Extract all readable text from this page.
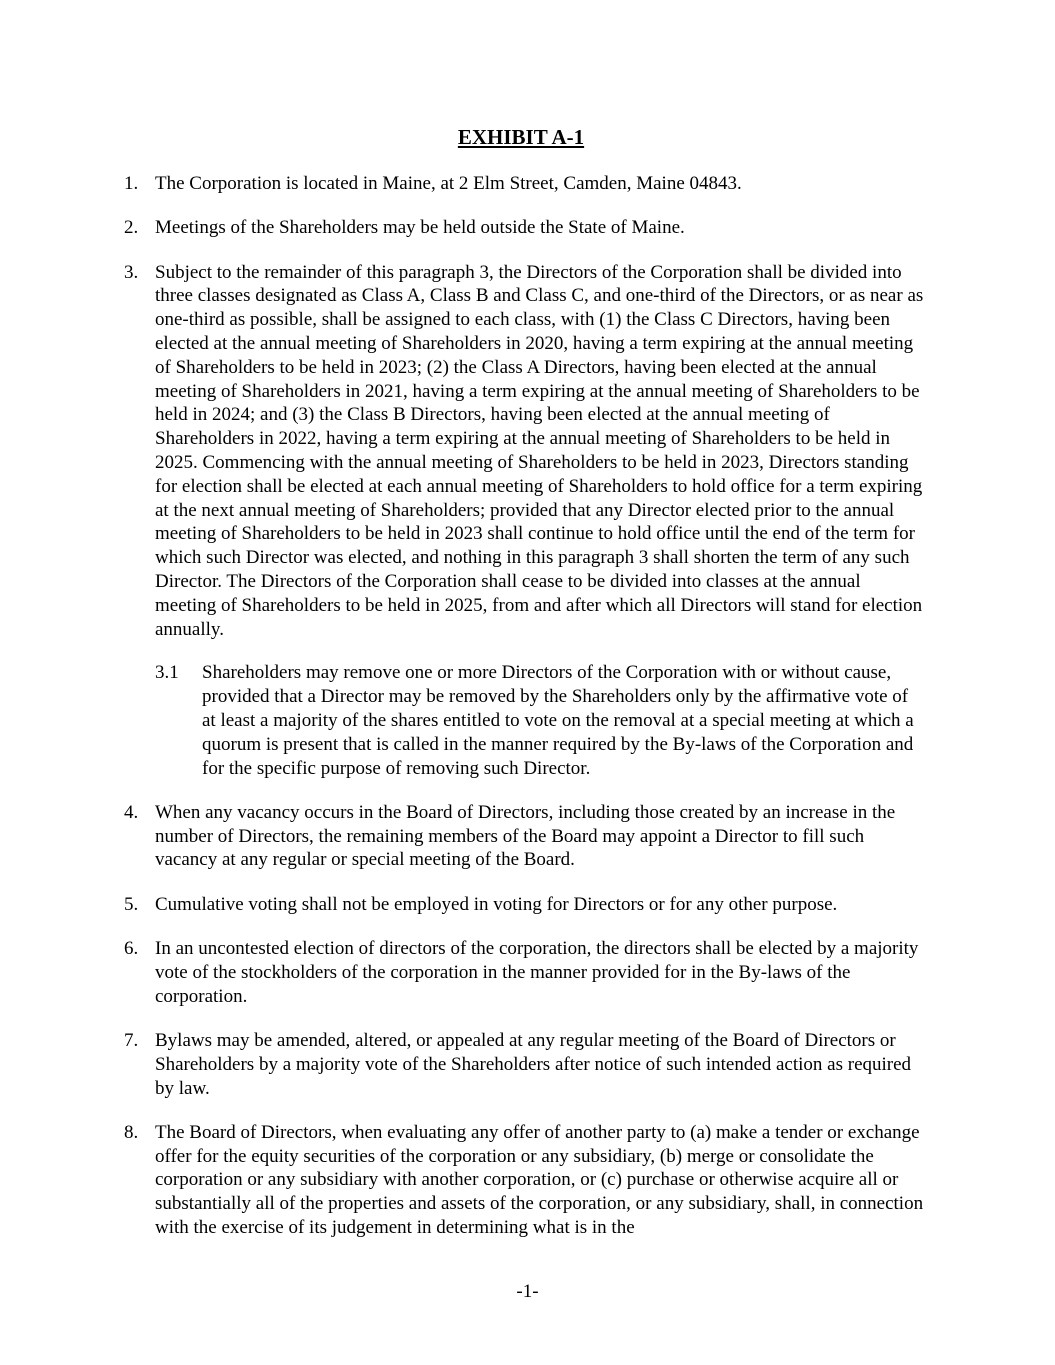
EXHIBIT A-1
1. The Corporation is located in Maine, at 2 Elm Street, Camden, Maine 04843.
2. Meetings of the Shareholders may be held outside the State of Maine.
3. Subject to the remainder of this paragraph 3, the Directors of the Corporation shall be divided into three classes designated as Class A, Class B and Class C, and one-third of the Directors, or as near as one-third as possible, shall be assigned to each class, with (1) the Class C Directors, having been elected at the annual meeting of Shareholders in 2020, having a term expiring at the annual meeting of Shareholders to be held in 2023; (2) the Class A Directors, having been elected at the annual meeting of Shareholders in 2021, having a term expiring at the annual meeting of Shareholders to be held in 2024; and (3) the Class B Directors, having been elected at the annual meeting of Shareholders in 2022, having a term expiring at the annual meeting of Shareholders to be held in 2025. Commencing with the annual meeting of Shareholders to be held in 2023, Directors standing for election shall be elected at each annual meeting of Shareholders to hold office for a term expiring at the next annual meeting of Shareholders; provided that any Director elected prior to the annual meeting of Shareholders to be held in 2023 shall continue to hold office until the end of the term for which such Director was elected, and nothing in this paragraph 3 shall shorten the term of any such Director. The Directors of the Corporation shall cease to be divided into classes at the annual meeting of Shareholders to be held in 2025, from and after which all Directors will stand for election annually.
3.1 Shareholders may remove one or more Directors of the Corporation with or without cause, provided that a Director may be removed by the Shareholders only by the affirmative vote of at least a majority of the shares entitled to vote on the removal at a special meeting at which a quorum is present that is called in the manner required by the By-laws of the Corporation and for the specific purpose of removing such Director.
4. When any vacancy occurs in the Board of Directors, including those created by an increase in the number of Directors, the remaining members of the Board may appoint a Director to fill such vacancy at any regular or special meeting of the Board.
5. Cumulative voting shall not be employed in voting for Directors or for any other purpose.
6. In an uncontested election of directors of the corporation, the directors shall be elected by a majority vote of the stockholders of the corporation in the manner provided for in the By-laws of the corporation.
7. Bylaws may be amended, altered, or appealed at any regular meeting of the Board of Directors or Shareholders by a majority vote of the Shareholders after notice of such intended action as required by law.
8. The Board of Directors, when evaluating any offer of another party to (a) make a tender or exchange offer for the equity securities of the corporation or any subsidiary, (b) merge or consolidate the corporation or any subsidiary with another corporation, or (c) purchase or otherwise acquire all or substantially all of the properties and assets of the corporation, or any subsidiary, shall, in connection with the exercise of its judgement in determining what is in the
-1-
